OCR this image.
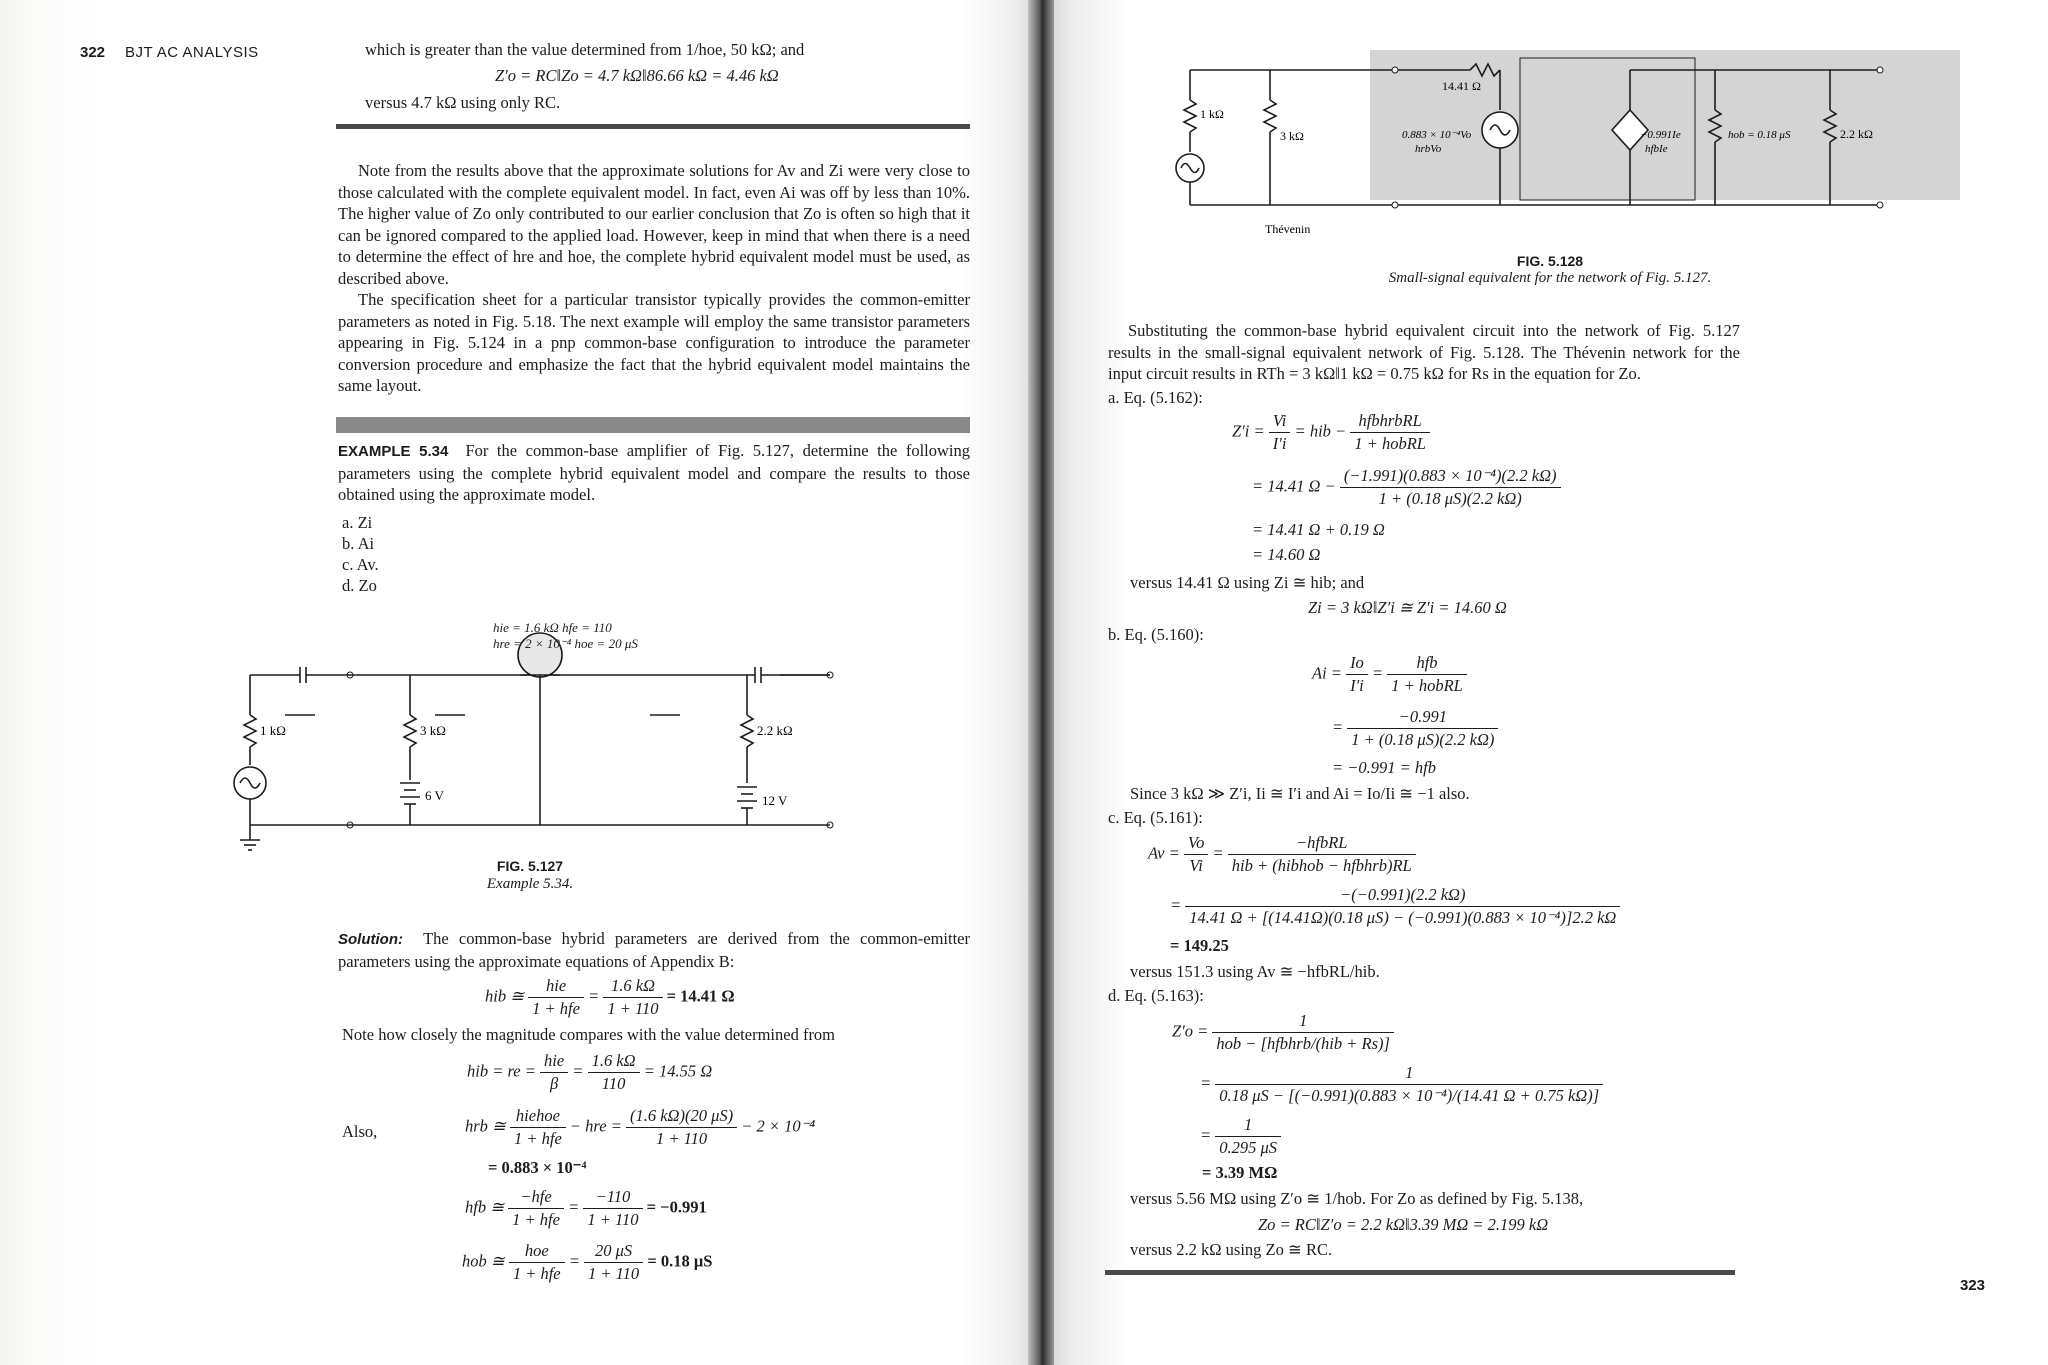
322 BJT AC ANALYSIS	which is greater than the value determined from 1/hoe, 50 kΩ; and
Z′o = RC‖Zo = 4.7 kΩ‖86.66 kΩ = 4.46 kΩ
versus 4.7 kΩ using only RC.
Note from the results above that the approximate solutions for Av and Zi were very close to those calculated with the complete equivalent model. In fact, even Ai was off by less than 10%. The higher value of Zo only contributed to our earlier conclusion that Zo is often so high that it can be ignored compared to the applied load. However, keep in mind that when there is a need to determine the effect of hre and hoe, the complete hybrid equivalent model must be used, as described above.
The specification sheet for a particular transistor typically provides the common-emitter parameters as noted in Fig. 5.18. The next example will employ the same transistor parameters appearing in Fig. 5.124 in a pnp common-base configuration to introduce the parameter conversion procedure and emphasize the fact that the hybrid equivalent model maintains the same layout.
EXAMPLE 5.34 For the common-base amplifier of Fig. 5.127, determine the following parameters using the complete hybrid equivalent model and compare the results to those obtained using the approximate model.
a. Zi
b. Ai
c. Av.
d. Zo
1 kΩ	3 kΩ	2.2 kΩ
6 V	12 V
hie = 1.6 kΩ hfe = 110
hre = 2 × 10⁻⁴ hoe = 20 μS
FIG. 5.127
Example 5.34.
Solution: The common-base hybrid parameters are derived from the common-emitter parameters using the approximate equations of Appendix B:
hib ≅ $\frac{\text{hie}}{\text{1 + hfe}} = \frac{1.6 k\Omega}{1 + 110} = 14.41$ Ω
Note how closely the magnitude compares with the value determined from
hib = re = $\frac{\text{hie}}{\beta} = \frac{1.6 k\Omega}{110} = 14.55$ Ω
Also,	hrb ≅ $\frac{\text{hiehoe}}{\text{1 + hfe}}$ − hre = $\frac{(1.6 k\Omega)(20 \mu S)}{1 + 110} - 2 \times 10^{-4}$
= 0.883 × 10⁻⁴
hfb ≅ $\frac{\text{−hfe}}{\text{1 + hfe}} = \frac{-110}{1 + 110} = -0.991$
hob ≅ $\frac{\text{hoe}}{\text{1 + hfe}} = \frac{20 \mu S}{1 + 110} = 0.18$ μS
1 kΩ
3 kΩ
14.41 Ω
0.883 × 10⁻⁴Vo
hrbVo
−0.991Ie
hfbIe
hob = 0.18 μS	2.2 kΩ
Thévenin
FIG. 5.128
Small-signal equivalent for the network of Fig. 5.127.
Substituting the common-base hybrid equivalent circuit into the network of Fig. 5.127 results in the small-signal equivalent network of Fig. 5.128. The Thévenin network for the input circuit results in RTh = 3 kΩ‖1 kΩ = 0.75 kΩ for Rs in the equation for Zo.
a. Eq. (5.162):
$Z'i = \frac{Vi}{I'i}$ = hib − $\frac{\text{hfbhrbRL}}{\text{1 + hobRL}}$
= 14.41 $\Omega - \frac{\text{(−1.991)(0.883 × 10⁻⁴)(2.2 kΩ)}}{1 + (0.18 \mu S)(2.2 k\Omega)}$
= 14.41 Ω + 0.19 Ω
= 14.60 Ω
versus 14.41 Ω using Zi ≅ hib; and
Zi = 3 kΩ‖Z′i ≅ Z′i = 14.60 Ω
b. Eq. (5.160):
$Ai = \frac{Io}{I'i} = \frac{\text{hfb}}{\text{1 + hobRL}}$
= $\frac{-0.991}{1 + (0.18 \mu S)(2.2 k\Omega)}$
= −0.991 = hfb
Since 3 kΩ ≫ Z′i, Ii ≅ I′i and Ai = Io/Ii ≅ −1 also.
c. Eq. (5.161):
$Av = \frac{Vo}{Vi} = \frac{\text{−hfbRL}}{\text{hib + (hibhob − hfbhrb)RL}}$
= $\frac{-(-0.991)(2.2 k\Omega)}{\text{14.41 Ω + [(14.41Ω)(0.18 μS) − (−0.991)(0.883 × 10⁻⁴)]2.2 kΩ}}$
= 149.25
versus 151.3 using Av ≅ −hfbRL/hib.
d. Eq. (5.163):
$Z'o = \frac{1}{\text{hob − [hfbhrb/(hib + Rs)]}}$
= $\frac{1}{\text{0.18 μS − [(−0.991)(0.883 × 10⁻⁴)/(14.41 Ω + 0.75 kΩ)]}}$
= $\frac{1}{0.295 \mu S}$
= 3.39 MΩ
versus 5.56 MΩ using Z′o ≅ 1/hob. For Zo as defined by Fig. 5.138,
Zo = RC‖Z′o = 2.2 kΩ‖3.39 MΩ = 2.199 kΩ
versus 2.2 kΩ using Zo ≅ RC.
323
